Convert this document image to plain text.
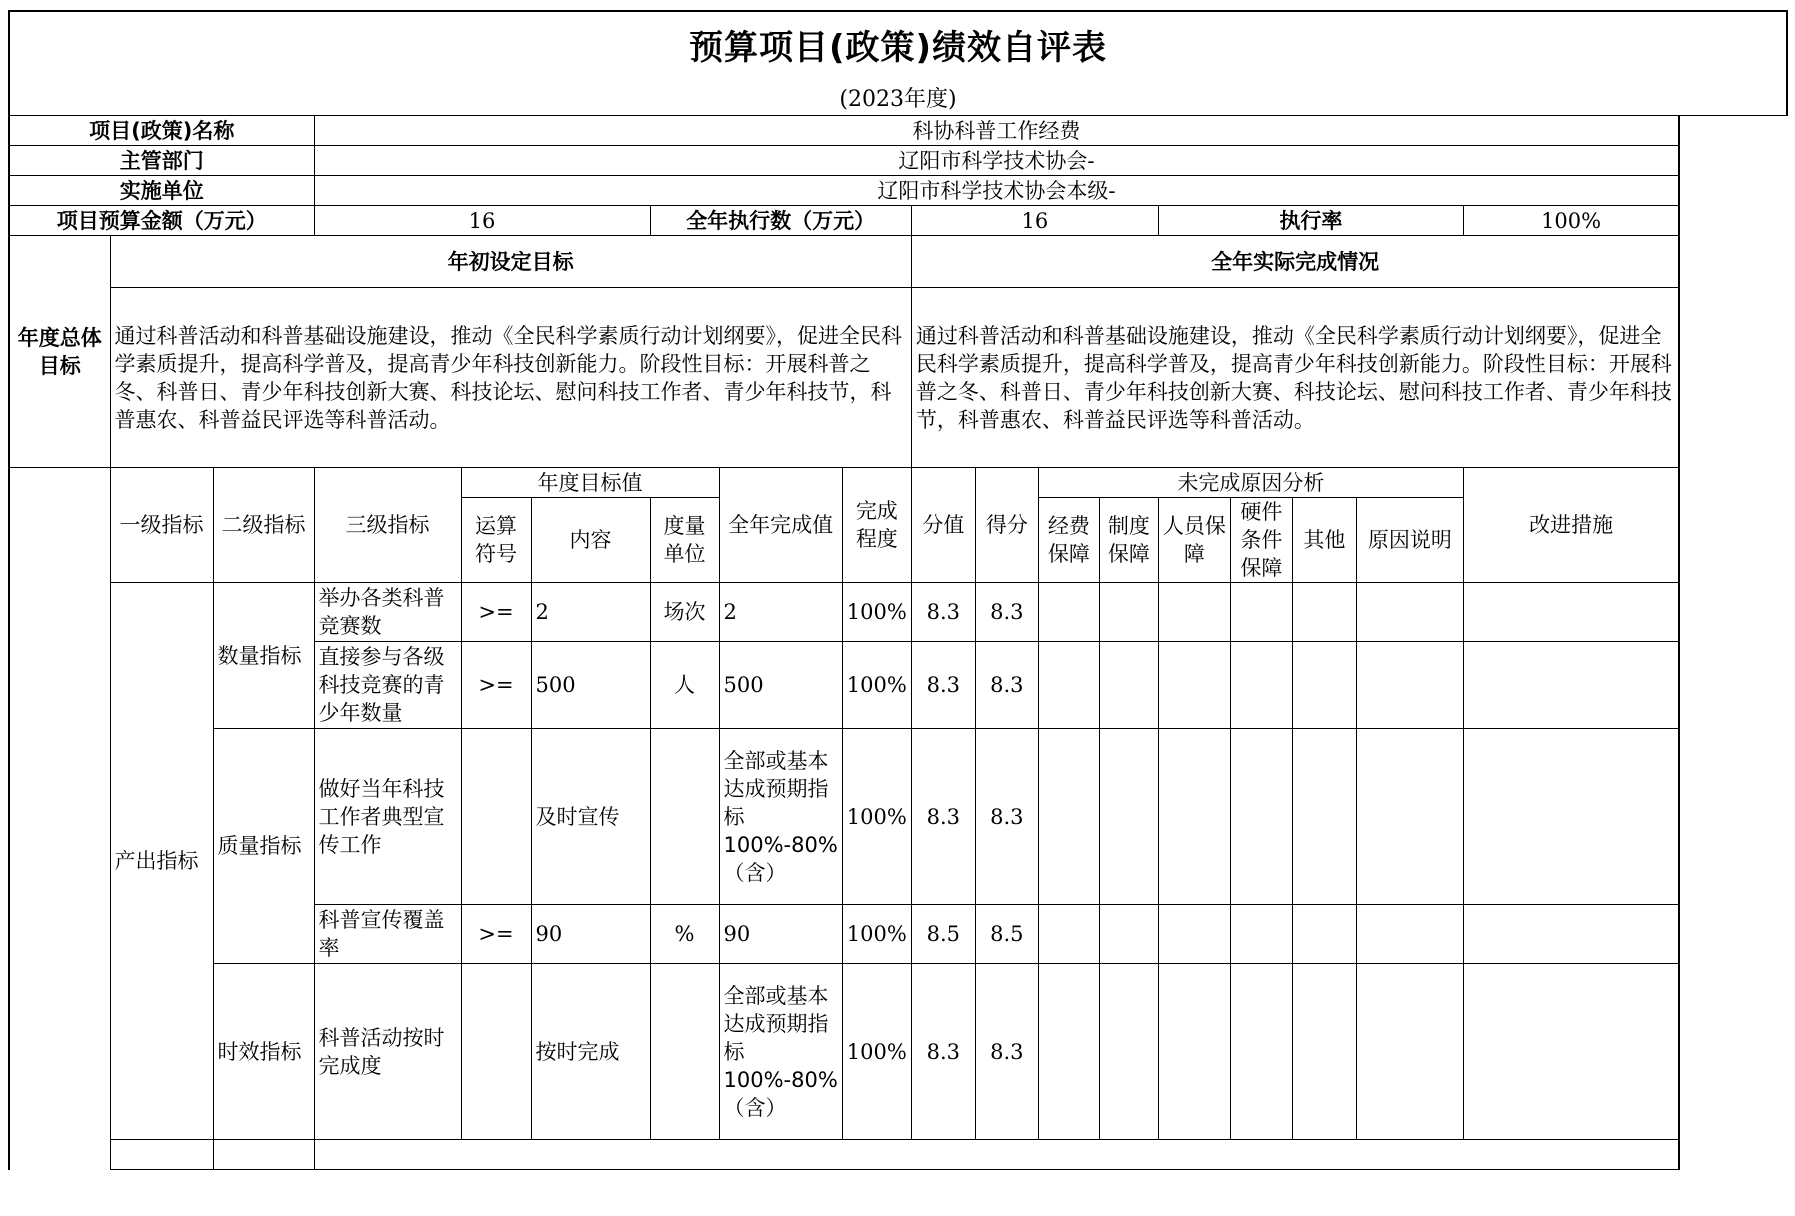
预算项目(政策)绩效自评表
(2023年度)
项目(政策)名称			科协科普工作经费														
主管部门			辽阳市科学技术协会-														
实施单位			辽阳市科学技术协会本级-														
项目预算金额（万元）			16			全年执行数（万元）			16				执行率				100%
年度总体目标	年初设定目标								全年实际完成情况								
	通过科普活动和科普基础设施建设，推动《全民科学素质行动计划纲要》，促进全民科学素质提升，提高科学普及，提高青少年科技创新能力。阶段性目标：开展科普之冬、科普日、青少年科技创新大赛、科技论坛、慰问科技工作者、青少年科技节，科普惠农、科普益民评选等科普活动。								通过科普活动和科普基础设施建设，推动《全民科学素质行动计划纲要》，促进全民科学素质提升，提高科学普及，提高青少年科技创新能力。阶段性目标：开展科普之冬、科普日、青少年科技创新大赛、科技论坛、慰问科技工作者、青少年科技节，科普惠农、科普益民评选等科普活动。								
	一级指标	二级指标	三级指标	年度目标值			全年完成值	完成程度	分值	得分	未完成原因分析						改进措施
				运算符号	内容	度量单位					经费保障	制度保障	人员保障	硬件条件保障	其他	原因说明	
	产出指标	数量指标	举办各类科普竞赛数	>=	2	场次	2	100%	8.3	8.3							
			直接参与各级科技竞赛的青少年数量	>=	500	人	500	100%	8.3	8.3							
		质量指标	做好当年科技工作者典型宣传工作		及时宣传		全部或基本达成预期指标100%-80%（含）	100%	8.3	8.3							
			科普宣传覆盖率	>=	90	%	90	100%	8.5	8.5							
		时效指标	科普活动按时完成度		按时完成		全部或基本达成预期指标100%-80%（含）	100%	8.3	8.3							
